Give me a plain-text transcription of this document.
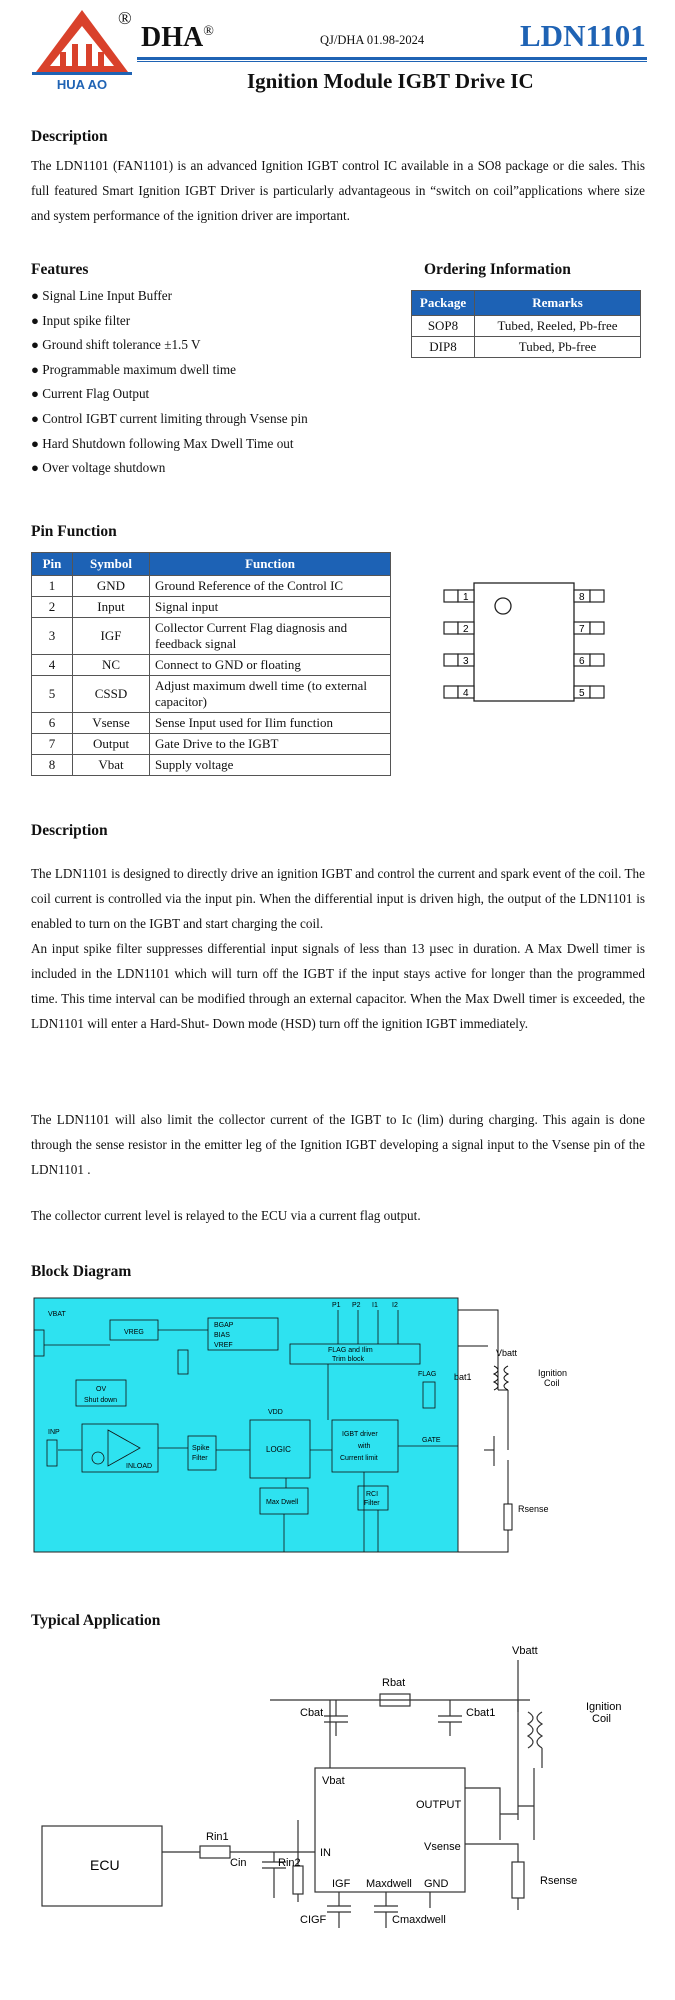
HUA AO
®
DHA®
QJ/DHA 01.98-2024	LDN1101
Ignition Module IGBT Drive IC
Description
The LDN1101 (FAN1101) is an advanced Ignition IGBT control IC available in a SO8 package or die sales. This full featured Smart Ignition IGBT Driver is particularly advantageous in “switch on coil”applications where size and system performance of the ignition driver are important.
Features
● Signal Line Input Buffer
● Input spike filter
● Ground shift tolerance ±1.5 V
● Programmable maximum dwell time
● Current Flag Output
● Control IGBT current limiting through Vsense pin
● Hard Shutdown following Max Dwell Time out
● Over voltage shutdown
Ordering Information
Package	Remarks
SOP8	Tubed, Reeled, Pb-free
DIP8	Tubed, Pb-free
Pin Function
Pin	Symbol	Function
1	GND	Ground Reference of the Control IC
2	Input	Signal input
3	IGF	Collector Current Flag diagnosis and feedback signal
4	NC	Connect to GND or floating
5	CSSD	Adjust maximum dwell time (to external capacitor)
6	Vsense	Sense Input used for Ilim function
7	Output	Gate Drive to the IGBT
8	Vbat	Supply voltage
1
2
3
4
8
7
6
5
Description
The LDN1101 is designed to directly drive an ignition IGBT and control the current and spark event of the coil. The coil current is controlled via the input pin. When the differential input is driven high, the output of the LDN1101 is enabled to turn on the IGBT and start charging the coil.
An input spike filter suppresses differential input signals of less than 13 µsec in duration. A Max Dwell timer is included in the LDN1101 which will turn off the IGBT if the input stays active for longer than the programmed time. This time interval can be modified through an external capacitor. When the Max Dwell timer is exceeded, the LDN1101 will enter a Hard-Shut- Down mode (HSD) turn off the ignition IGBT immediately.
The LDN1101 will also limit the collector current of the IGBT to Ic (lim) during charging. This again is done through the sense resistor in the emitter leg of the Ignition IGBT developing a signal input to the Vsense pin of the LDN1101 .
The collector current level is relayed to the ECU via a current flag output.
Block Diagram
VREG
BGAP
BIAS
VREF
FLAG and Ilim
Trim block
FLAG
OV
Shut down
INLOAD
Spike
Filter
LOGIC
IGBT driver
with
Current limit
Max Dwell
RCI
Filter
VDD
VBAT
INP
GATE
P1 P2 I1 I2
Vbatt
bat1	Ignition
Coil
Rsense
Typical Application
Vbatt
Rbat
Cbat	Cbat1	Ignition
Coil
Vbat
OUTPUT
IN	Vsense
IGF Maxdwell GND
Rin1
Cin	Rin2
ECU
Rsense
CIGF	Cmaxdwell
